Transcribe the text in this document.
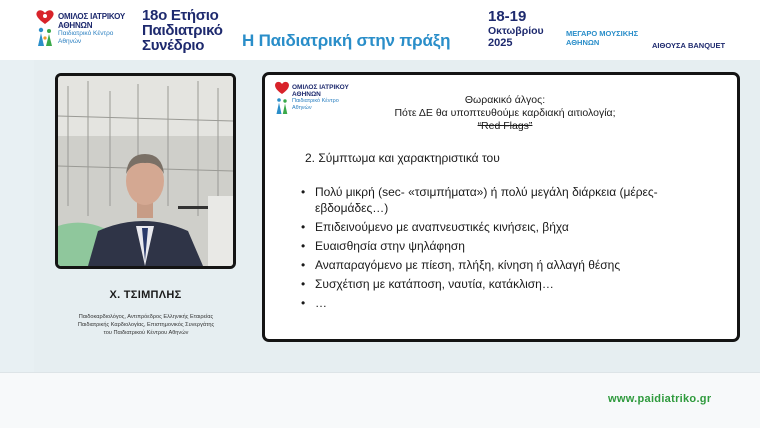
ΟΜΙΛΟΣ ΙΑΤΡΙΚΟΥ
ΑΘΗΝΩΝ
Παιδιατρικό Κέντρο
Αθηνών
18ο Ετήσιο
Παιδιατρικό
Συνέδριο	Η Παιδιατρική στην πράξη
18-19
Οκτωβρίου
2025
ΜΕΓΑΡΟ ΜΟΥΣΙΚΗΣ
ΑΘΗΝΩΝ	ΑΙΘΟΥΣΑ BANQUET
Χ. ΤΣΙΜΠΛΗΣ
Παιδοκαρδιολόγος, Αντιπρόεδρος Ελληνικής Εταιρείας
Παιδιατρικής Καρδιολογίας, Επιστημονικός Συνεργάτης
του Παιδιατρικού Κέντρου Αθηνών
ΟΜΙΛΟΣ ΙΑΤΡΙΚΟΥ
ΑΘΗΝΩΝ
Παιδιατρικό Κέντρο
Αθηνών
Θωρακικό άλγος:
Πότε ΔΕ θα υποπτευθούμε καρδιακή αιτιολογία;
“Red Flags”
2. Σύμπτωμα και χαρακτηριστικά του
• Πολύ μικρή (sec- «τσιμπήματα») ή πολύ μεγάλη διάρκεια (μέρες-εβδομάδες…)
• Επιδεινούμενο με αναπνευστικές κινήσεις, βήχα
• Ευαισθησία στην ψηλάφηση
• Αναπαραγόμενο με πίεση, πλήξη, κίνηση ή αλλαγή θέσης
• Συσχέτιση με κατάποση, ναυτία, κατάκλιση…
• …
www.paidiatriko.gr
